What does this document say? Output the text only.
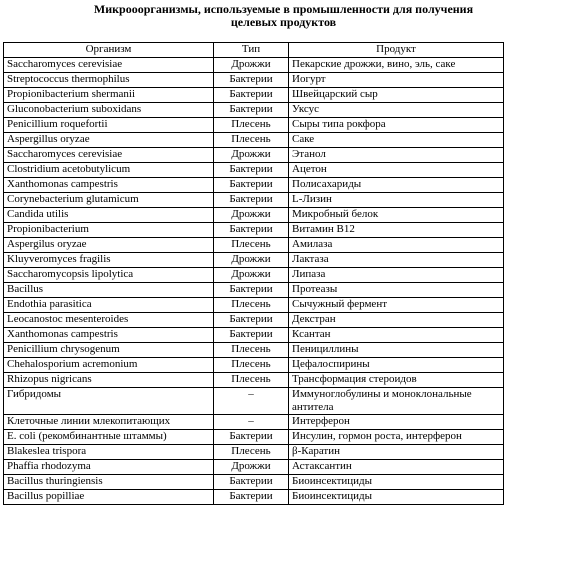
Микрооорганизмы, используемые в промышленности для получения
целевых продуктов
Организм	Тип	Продукт
Saccharomyces cerevisiae	Дрожжи	Пекарские дрожжи, вино, эль, саке
Streptococcus thermophilus	Бактерии	Иогурт
Propionibacterium shermanii	Бактерии	Швейцарский сыр
Gluconobacterium suboxidans	Бактерии	Уксус
Penicillium roquefortii	Плесень	Сыры типа рокфора
Aspergillus oryzae	Плесень	Саке
Saccharomyces cerevisiae	Дрожжи	Этанол
Clostridium acetobutylicum	Бактерии	Ацетон
Xanthomonas campestris	Бактерии	Полисахариды
Corynebacterium glutamicum	Бактерии	L-Лизин
Candida utilis	Дрожжи	Микробный белок
Propionibacterium	Бактерии	Витамин B12
Aspergilus oryzae	Плесень	Амилаза
Kluyveromyces fragilis	Дрожжи	Лактаза
Saccharomycopsis lipolytica	Дрожжи	Липаза
Bacillus	Бактерии	Протеазы
Endothia parasitica	Плесень	Сычужный фермент
Leocanostoc mesenteroides	Бактерии	Декстран
Xanthomonas campestris	Бактерии	Ксантан
Penicillium chrysogenum	Плесень	Пенициллины
Chehalosporium acremonium	Плесень	Цефалоспирины
Rhizopus nigricans	Плесень	Трансформация стероидов
Гибридомы	–	Иммуноглобулины и моноклональные антитела
Клеточные линии млекопитающих	–	Интерферон
E. coli (рекомбинантные штаммы)	Бактерии	Инсулин, гормон роста, интерферон
Blakeslea trispora	Плесень	β-Каратин
Phaffia rhodozyma	Дрожжи	Астаксантин
Bacillus thuringiensis	Бактерии	Биоинсектициды
Bacillus popilliae	Бактерии	Биоинсектициды
